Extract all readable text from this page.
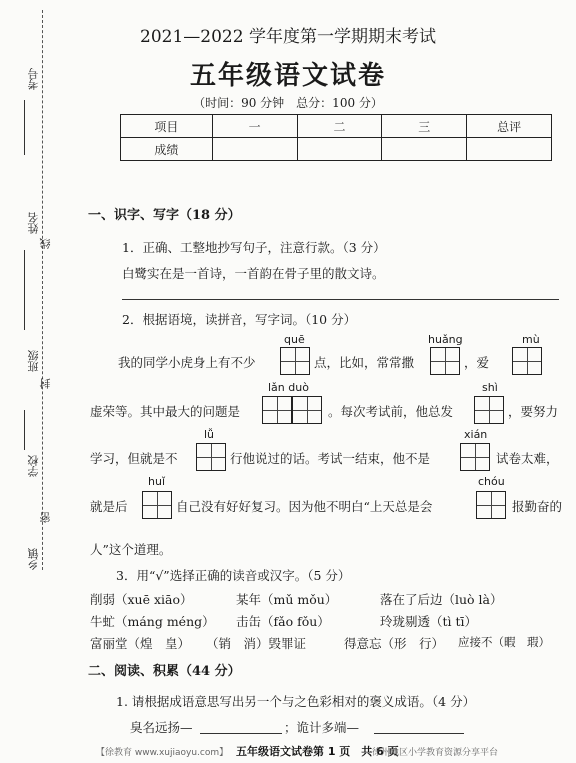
考号
姓名
线
班级
封
学校
密
乡镇
2021—2022 学年度第一学期期末考试
五年级语文试卷
（时间：90 分钟　总分：100 分）
项目	一	二	三	总评
成绩				
一、识字、写字（18 分）
1．正确、工整地抄写句子，注意行款。（3 分）
白鹭实在是一首诗，一首韵在骨子里的散文诗。
2．根据语境，读拼音，写字词。（10 分）
quē	huǎng	mù
我的同学小虎身上有不少	点，比如，常常撒	，爱
lǎn duò	shì
虚荣等。其中最大的问题是	。每次考试前，他总发	，要努力
lǚ	xián
学习，但就是不	行他说过的话。考试一结束，他不是	试卷太难，
huǐ	chóu
就是后	自己没有好好复习。因为他不明白“上天总是会	报勤奋的
人”这个道理。
3．用“√”选择正确的读音或汉字。（5 分）
削弱（xuē xiāo）	某年（mǔ mǒu）	落在了后边（luò là）
牛虻（máng méng） 击缶（fǎo fǒu）	玲珑剔透（tì tī）
富丽堂（煌　皇） （销　消）毁罪证	得意忘（形　行） 应接不（暇　瑕）
二、阅读、积累（44 分）
1. 请根据成语意思写出另一个与之色彩相对的褒义成语。（4 分）
臭名远扬—	；诡计多端—
【徐教育 www.xujiaoyu.com】 五年级语文试卷第 1 页　共 6 页
徐州地区小学教育资源分享平台
